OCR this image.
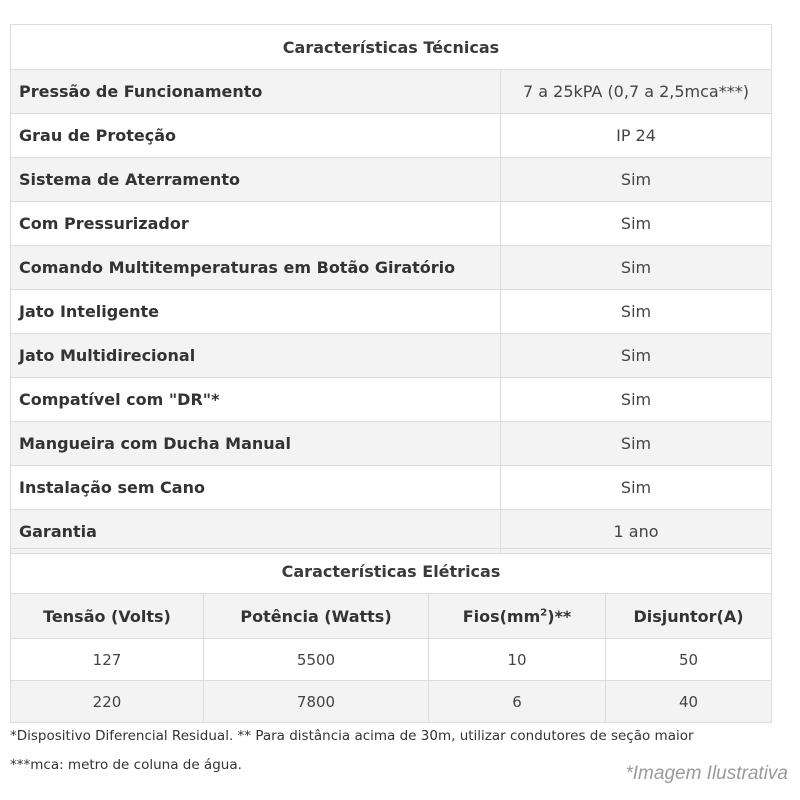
Características Técnicas	
Pressão de Funcionamento	7 a 25kPA (0,7 a 2,5mca***)
Grau de Proteção	IP 24
Sistema de Aterramento	Sim
Com Pressurizador	Sim
Comando Multitemperaturas em Botão Giratório	Sim
Jato Inteligente	Sim
Jato Multidirecional	Sim
Compatível com "DR"*	Sim
Mangueira com Ducha Manual	Sim
Instalação sem Cano	Sim
Garantia	1 ano
Características Elétricas			
Tensão (Volts)	Potência (Watts)	$Fios(mm^2)**$	Disjuntor(A)
127	5500	10	50
220	7800	6	40
*Dispositivo Diferencial Residual. ** Para distância acima de 30m, utilizar condutores de seção maior
***mca: metro de coluna de água.	*Imagem Ilustrativa
